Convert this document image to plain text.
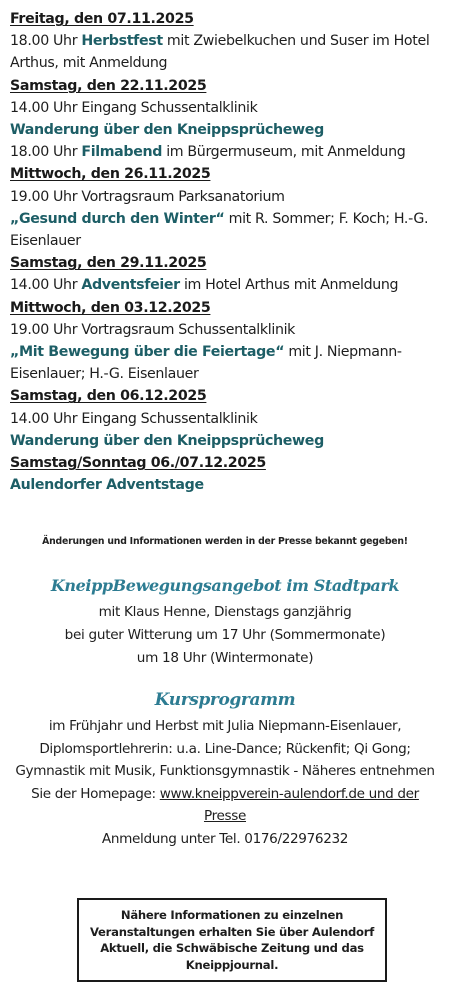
Freitag, den 07.11.2025
18.00 Uhr Herbstfest mit Zwiebelkuchen und Suser im Hotel Arthus, mit Anmeldung
Samstag, den 22.11.2025
14.00 Uhr Eingang Schussentalklinik
Wanderung über den Kneippsprücheweg
18.00 Uhr Filmabend im Bürgermuseum, mit Anmeldung
Mittwoch, den 26.11.2025
19.00 Uhr Vortragsraum Parksanatorium
„Gesund durch den Winter“ mit R. Sommer; F. Koch; H.-G. Eisenlauer
Samstag, den 29.11.2025
14.00 Uhr Adventsfeier im Hotel Arthus mit Anmeldung
Mittwoch, den 03.12.2025
19.00 Uhr Vortragsraum Schussentalklinik
„Mit Bewegung über die Feiertage“ mit J. Niepmann-Eisenlauer; H.-G. Eisenlauer
Samstag, den 06.12.2025
14.00 Uhr Eingang Schussentalklinik
Wanderung über den Kneippsprücheweg
Samstag/Sonntag 06./07.12.2025
Aulendorfer Adventstage
Änderungen und Informationen werden in der Presse bekannt gegeben!
KneippBewegungsangebot im Stadtpark
mit Klaus Henne, Dienstags ganzjährig
bei guter Witterung um 17 Uhr (Sommermonate)
um 18 Uhr (Wintermonate)
Kursprogramm
im Frühjahr und Herbst mit Julia Niepmann-Eisenlauer, Diplomsportlehrerin: u.a. Line-Dance; Rückenfit; Qi Gong; Gymnastik mit Musik, Funktionsgymnastik - Näheres entnehmen Sie der Homepage: www.kneippverein-aulendorf.de und der Presse
Anmeldung unter Tel. 0176/22976232
Nähere Informationen zu einzelnen Veranstaltungen erhalten Sie über Aulendorf Aktuell, die Schwäbische Zeitung und das Kneippjournal.
